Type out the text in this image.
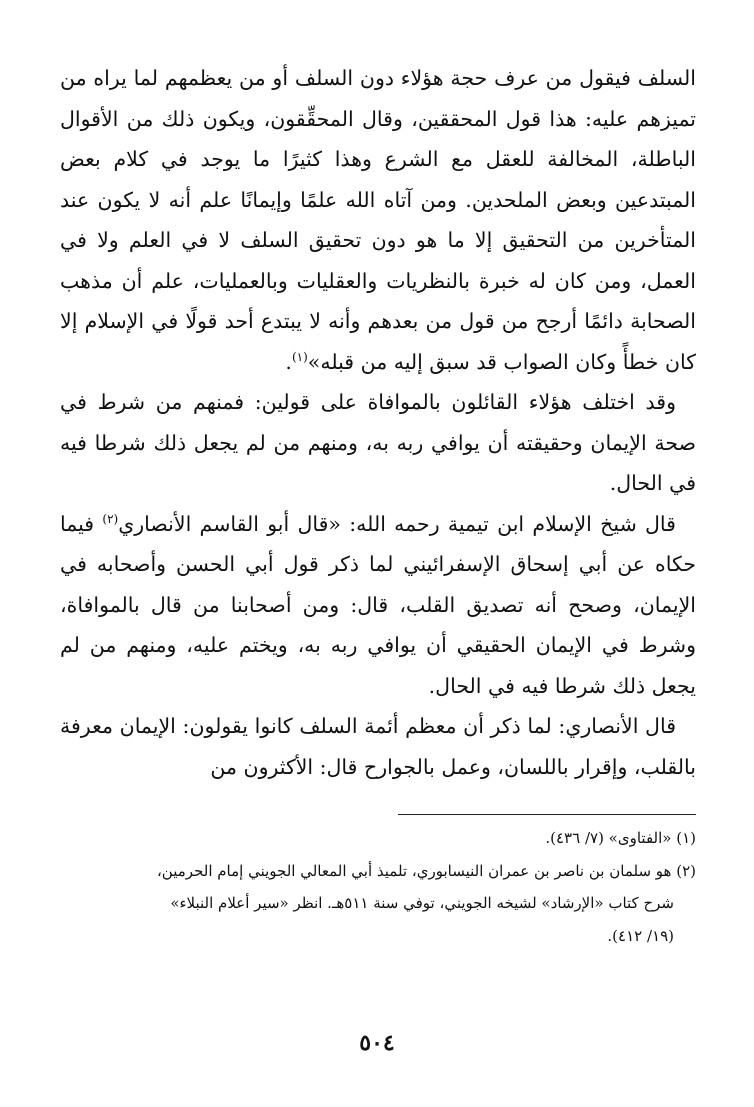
السلف فيقول من عرف حجة هؤلاء دون السلف أو من يعظمهم لما يراه من تميزهم عليه: هذا قول المحققين، وقال المحقِّقون، ويكون ذلك من الأقوال الباطلة، المخالفة للعقل مع الشرع وهذا كثيرًا ما يوجد في كلام بعض المبتدعين وبعض الملحدين. ومن آتاه الله علمًا وإيمانًا علم أنه لا يكون عند المتأخرين من التحقيق إلا ما هو دون تحقيق السلف لا في العلم ولا في العمل، ومن كان له خبرة بالنظريات والعقليات وبالعمليات، علم أن مذهب الصحابة دائمًا أرجح من قول من بعدهم وأنه لا يبتدع أحد قولًا في الإسلام إلا كان خطأً وكان الصواب قد سبق إليه من قبله»$^{(١)}$.

وقد اختلف هؤلاء القائلون بالموافاة على قولين: فمنهم من شرط في صحة الإيمان وحقيقته أن يوافي ربه به، ومنهم من لم يجعل ذلك شرطا فيه في الحال.

قال شيخ الإسلام ابن تيمية رحمه الله: «قال أبو القاسم الأنصاري$^{(٢)}$ فيما حكاه عن أبي إسحاق الإسفرائيني لما ذكر قول أبي الحسن وأصحابه في الإيمان، وصحح أنه تصديق القلب، قال: ومن أصحابنا من قال بالموافاة، وشرط في الإيمان الحقيقي أن يوافي ربه به، ويختم عليه، ومنهم من لم يجعل ذلك شرطا فيه في الحال.

قال الأنصاري: لما ذكر أن معظم أئمة السلف كانوا يقولون: الإيمان معرفة بالقلب، وإقرار باللسان، وعمل بالجوارح قال: الأكثرون من

(١) «الفتاوى» (٧/ ٤٣٦).

(٢) هو سلمان بن ناصر بن عمران النيسابوري، تلميذ أبي المعالي الجويني إمام الحرمين،

شرح كتاب «الإرشاد» لشيخه الجويني، توفي سنة ٥١١هـ. انظر «سير أعلام النبلاء»

(١٩/ ٤١٢).

٥٠٤
